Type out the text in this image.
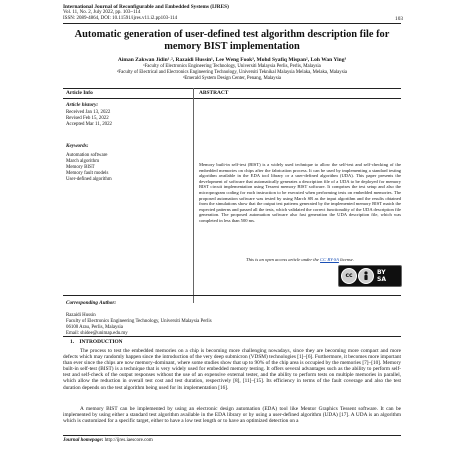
International Journal of Reconfigurable and Embedded Systems (IJRES)
Vol. 11, No. 2, July 2022, pp. 103~114
ISSN: 2089-4864, DOI: 10.11591/ijres.v11.i2.pp103-114	103
Automatic generation of user-defined test algorithm description file for memory BIST implementation
Aiman Zakwan Jidin¹˒², Razaidi Hussin¹, Lee Weng Fook³, Mohd Syafiq Mispan², Loh Wan Ying³
¹Faculty of Electronics Engineering Technology, Universiti Malaysia Perlis, Perlis, Malaysia
²Faculty of Electrical and Electronics Engineering Technology, Universiti Teknikal Malaysia Melaka, Melaka, Malaysia
³Emerald System Design Center, Penang, Malaysia
Article Info	ABSTRACT
Article history:
Received Jan 13, 2022
Revised Feb 15, 2022
Accepted Mar 11, 2022
Keywords:
Automation software
March algorithm
Memory BIST
Memory fault models
User-defined algorithm
Memory built-in self-test (BIST) is a widely used technique to allow the self-test and self-checking of the embedded memories on chips after the fabrication process. It can be used by implementing a standard testing algorithm available in the EDA tool library or a user-defined algorithm (UDA). This paper presents the development of software that automatically generates a description file of a UDA to be deployed for memory BIST circuit implementation using Tessent memory BIST software. It comprises the test setup and also the microprogram coding for each instruction to be executed when performing tests on embedded memories. The proposed automation software was tested by using March SR as the input algorithm and the results obtained from the simulations show that the output test patterns generated by the implemented memory BIST match the expected patterns and passed all the tests, which validated the correct functionality of the UDA description file generation. The proposed automation software also fast generation the UDA description file, which was completed in less than 500 ms.
This is an open access article under the CC BY-SA license.
cc	BY
SA
Corresponding Author:
Razaidi Hussin
Faculty of Electronics Engineering Technology, Universiti Malaysia Perlis
06100 Arau, Perlis, Malaysia
Email: shidee@unimap.edu.my
1.    INTRODUCTION
The process to test the embedded memories on a chip is becoming more challenging nowadays, since they are becoming more compact and more defects which may randomly happen since the introduction of the very deep submicron (VDSM) technologies [1]–[6]. Furthermore, it becomes more important than ever since the chips are now memory-dominant, where some studies show that up to 90% of the chip area is occupied by the memories [7]–[10]. Memory built-in self-test (BIST) is a technique that is very widely used for embedded memory testing. It offers several advantages such as the ability to perform self-test and self-check of the output responses without the use of an expensive external tester, and the ability to perform tests on multiple memories in parallel, which allow the reduction in overall test cost and test duration, respectively [8], [11]–[15]. Its efficiency in terms of the fault coverage and also the test duration depends on the test algorithm being used for its implementation [16].
A memory BIST can be implemented by using an electronic design automation (EDA) tool like Mentor Graphics Tessent software. It can be implemented by using either a standard test algorithm available in the EDA library or by using a user-defined algorithm (UDA) [17]. A UDA is an algorithm which is customized for a specific target, either to have a low test length or to have an optimized detection on a
Journal homepage: http://ijres.iaescore.com
